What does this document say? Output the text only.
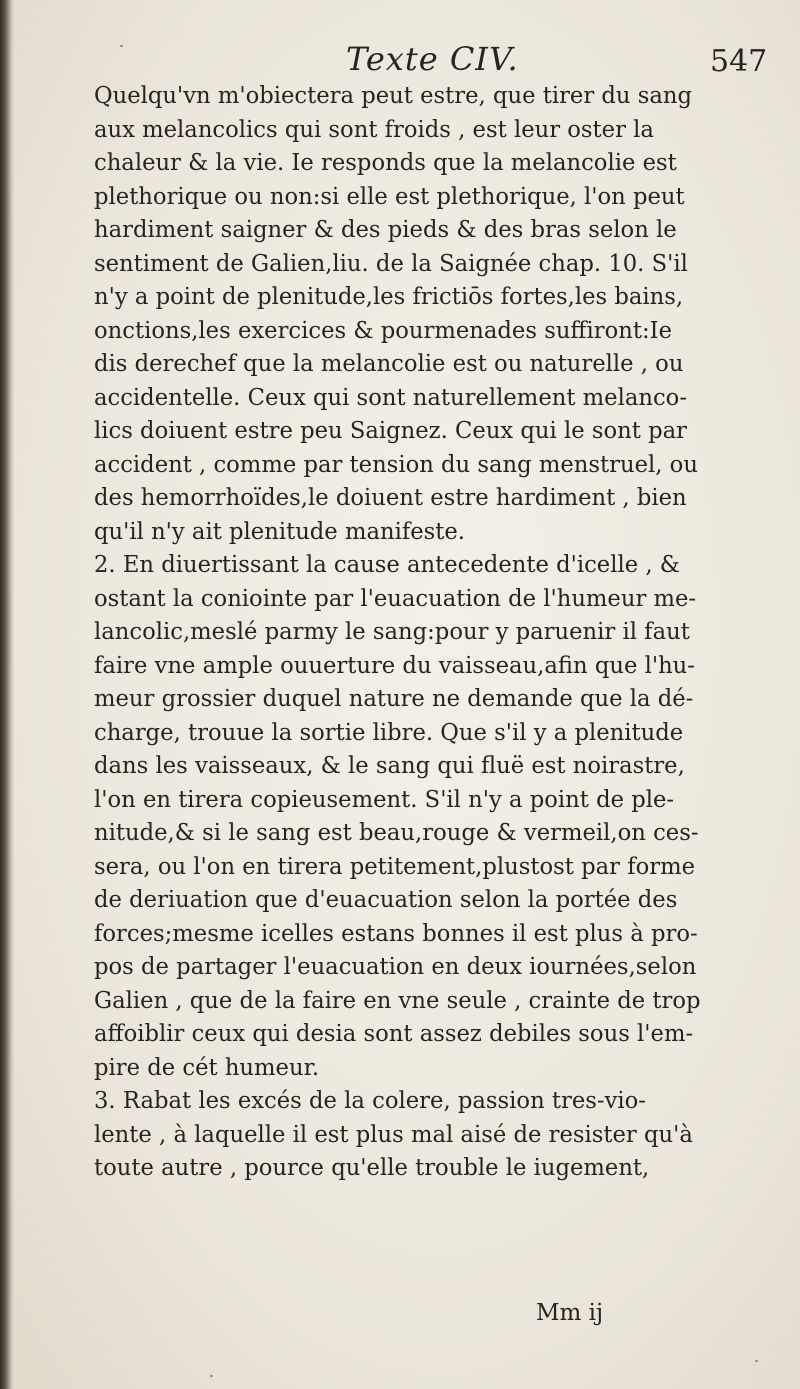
Texte CIV.	547
Quelqu'vn m'obiectera peut estre, que tirer du sang
aux melancolics qui sont froids , est leur oster la
chaleur & la vie. Ie responds que la melancolie est
plethorique ou non:si elle est plethorique, l'on peut
hardiment saigner & des pieds & des bras selon le
sentiment de Galien,liu. de la Saignée chap. 10. S'il
n'y a point de plenitude,les frictiōs fortes,les bains,
onctions,les exercices & pourmenades suffiront:Ie
dis derechef que la melancolie est ou naturelle , ou
accidentelle. Ceux qui sont naturellement melanco-
lics doiuent estre peu Saignez. Ceux qui le sont par
accident , comme par tension du sang menstruel, ou
des hemorrhoïdes,le doiuent estre hardiment , bien
qu'il n'y ait plenitude manifeste.
2. En diuertissant la cause antecedente d'icelle , &
ostant la coniointe par l'euacuation de l'humeur me-
lancolic,meslé parmy le sang:pour y paruenir il faut
faire vne ample ouuerture du vaisseau,afin que l'hu-
meur grossier duquel nature ne demande que la dé-
charge, trouue la sortie libre. Que s'il y a plenitude
dans les vaisseaux, & le sang qui fluë est noirastre,
l'on en tirera copieusement. S'il n'y a point de ple-
nitude,& si le sang est beau,rouge & vermeil,on ces-
sera, ou l'on en tirera petitement,plustost par forme
de deriuation que d'euacuation selon la portée des
forces;mesme icelles estans bonnes il est plus à pro-
pos de partager l'euacuation en deux iournées,selon
Galien , que de la faire en vne seule , crainte de trop
affoiblir ceux qui desia sont assez debiles sous l'em-
pire de cét humeur.
3. Rabat les excés de la colere, passion tres-vio-
lente , à laquelle il est plus mal aisé de resister qu'à
toute autre , pource qu'elle trouble le iugement,
Mm ij
